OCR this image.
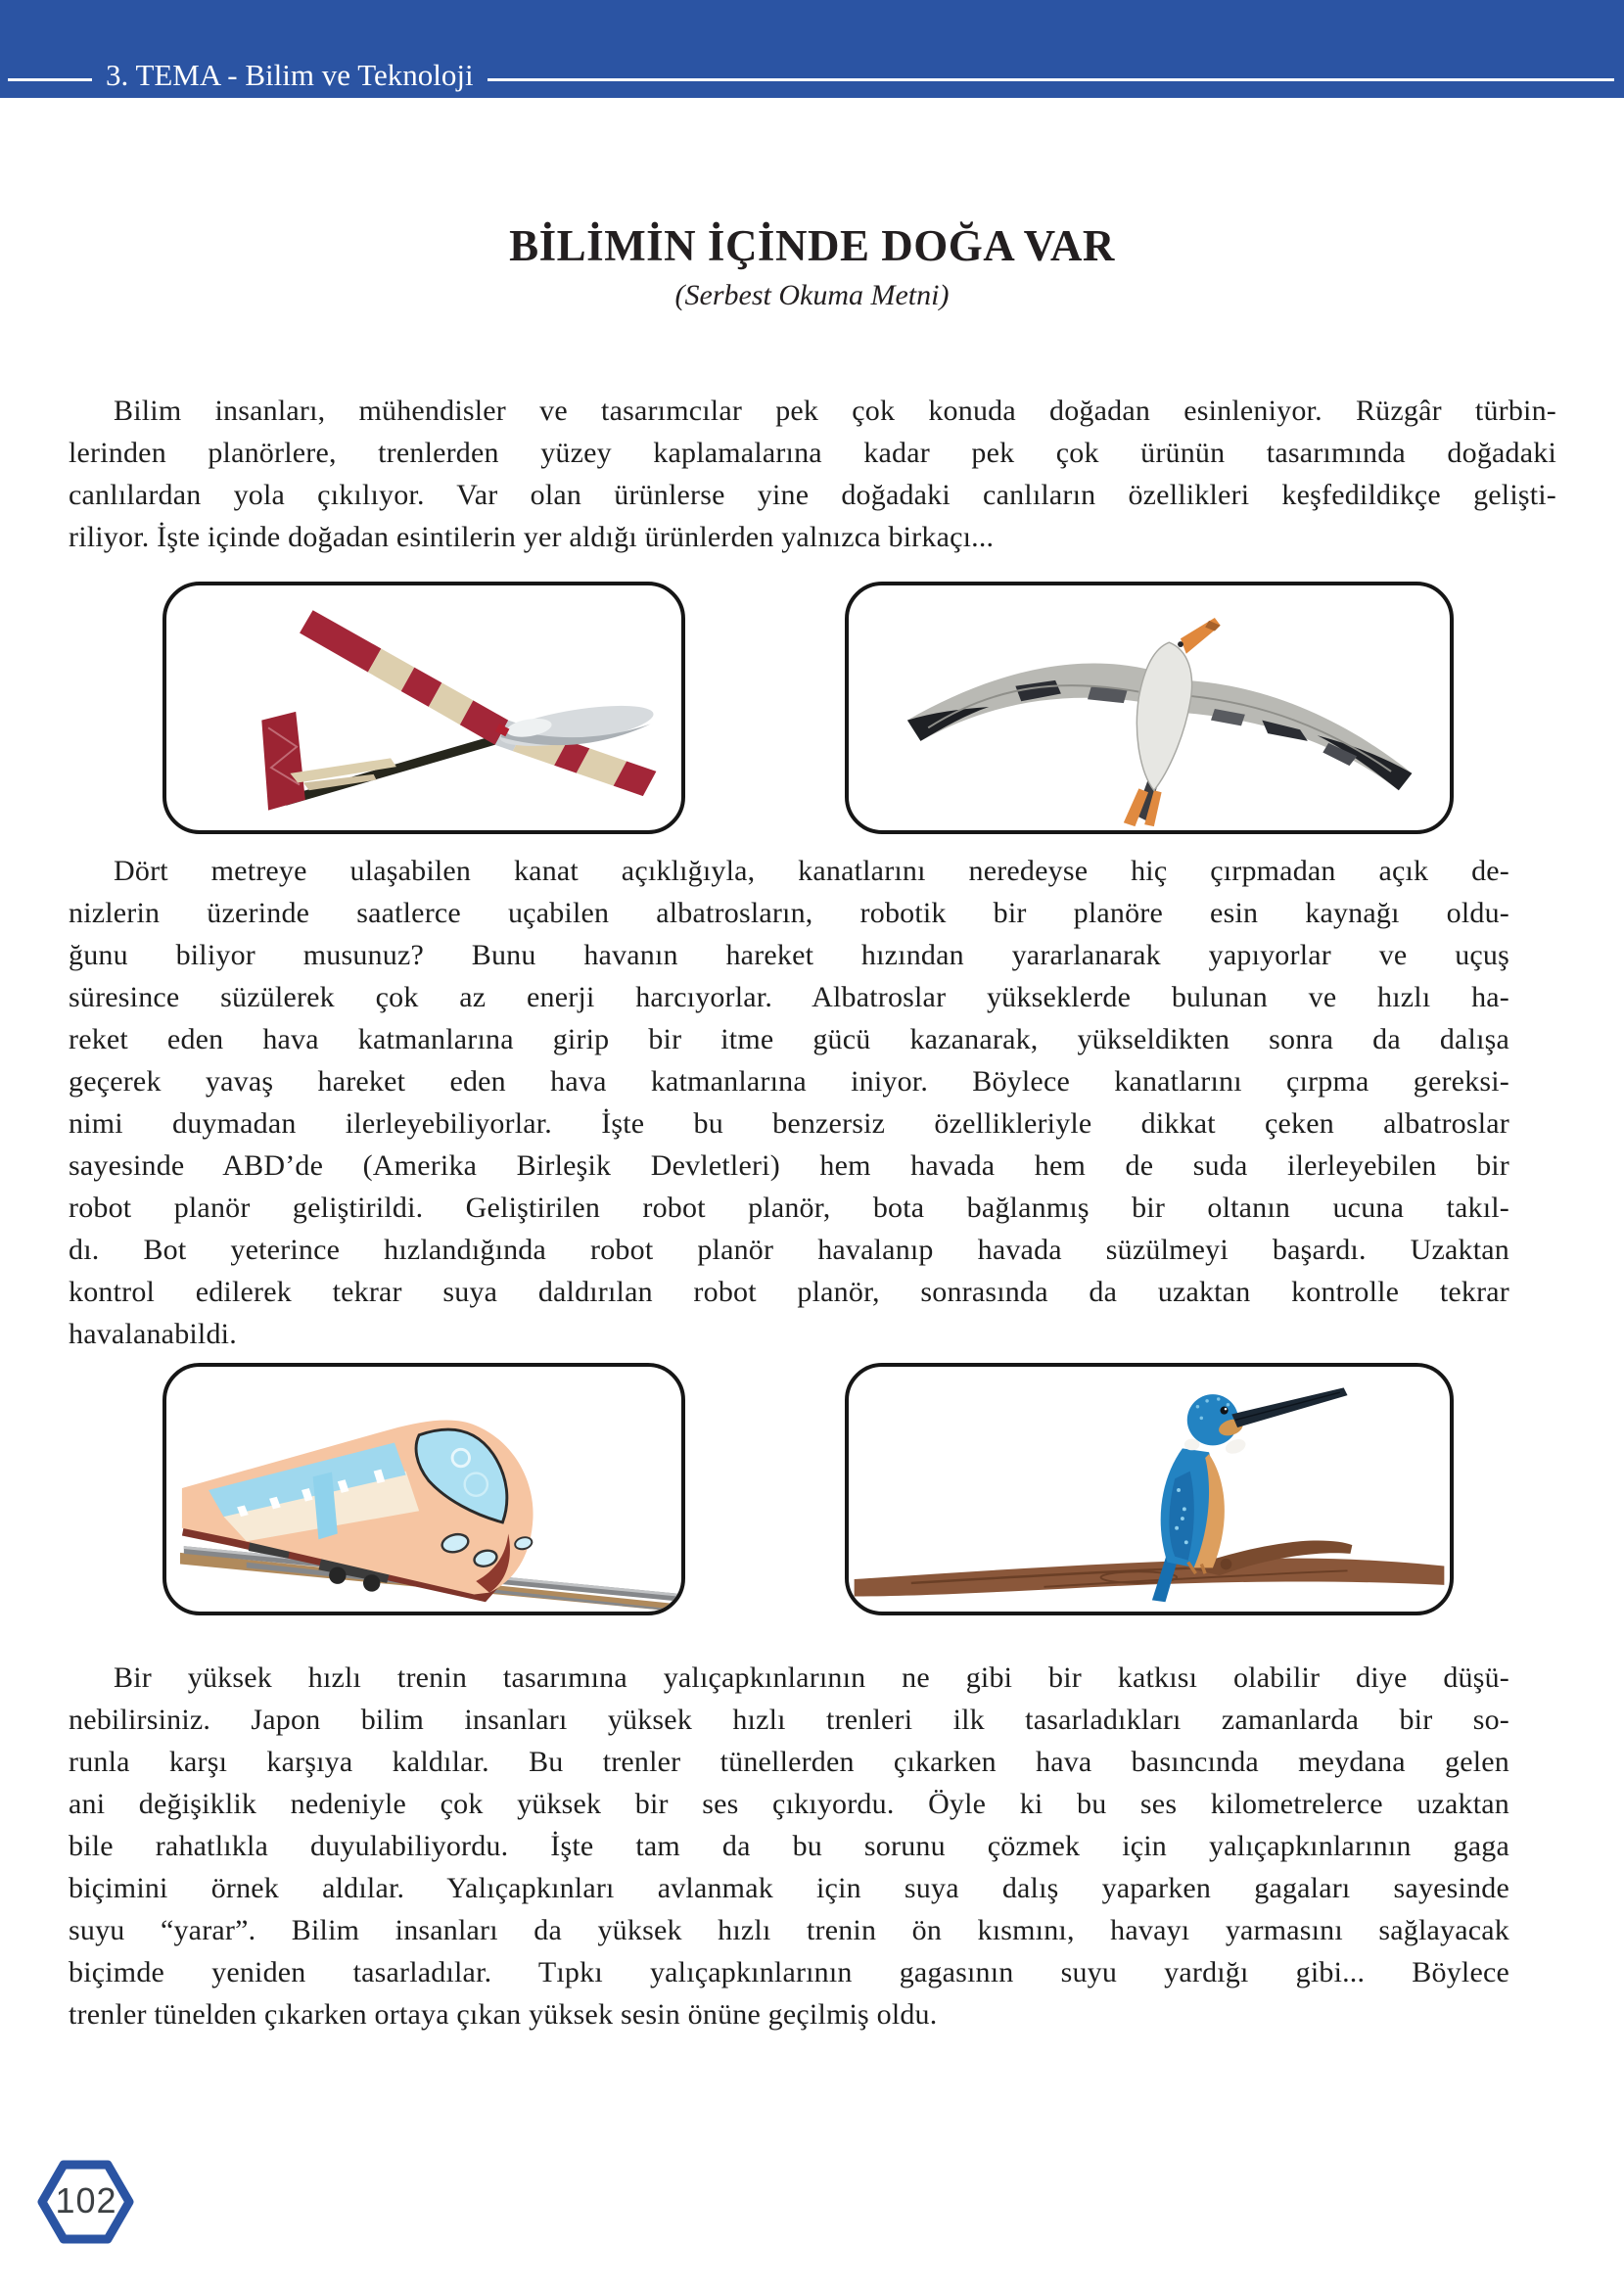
3. TEMA - Bilim ve Teknoloji
BİLİMİN İÇİNDE DOĞA VAR
(Serbest Okuma Metni)
Bilim insanları, mühendisler ve tasarımcılar pek çok konuda doğadan esinleniyor. Rüzgâr türbin-
lerinden planörlere, trenlerden yüzey kaplamalarına kadar pek çok ürünün tasarımında doğadaki
canlılardan yola çıkılıyor. Var olan ürünlerse yine doğadaki canlıların özellikleri keşfedildikçe gelişti-
riliyor. İşte içinde doğadan esintilerin yer aldığı ürünlerden yalnızca birkaçı...
Dört metreye ulaşabilen kanat açıklığıyla, kanatlarını neredeyse hiç çırpmadan açık de-
nizlerin üzerinde saatlerce uçabilen albatrosların, robotik bir planöre esin kaynağı oldu-
ğunu biliyor musunuz? Bunu havanın hareket hızından yararlanarak yapıyorlar ve uçuş
süresince süzülerek çok az enerji harcıyorlar. Albatroslar yükseklerde bulunan ve hızlı ha-
reket eden hava katmanlarına girip bir itme gücü kazanarak, yükseldikten sonra da dalışa
geçerek yavaş hareket eden hava katmanlarına iniyor. Böylece kanatlarını çırpma gereksi-
nimi duymadan ilerleyebiliyorlar. İşte bu benzersiz özellikleriyle dikkat çeken albatroslar
sayesinde ABD’de (Amerika Birleşik Devletleri) hem havada hem de suda ilerleyebilen bir
robot planör geliştirildi. Geliştirilen robot planör, bota bağlanmış bir oltanın ucuna takıl-
dı. Bot yeterince hızlandığında robot planör havalanıp havada süzülmeyi başardı. Uzaktan
kontrol edilerek tekrar suya daldırılan robot planör, sonrasında da uzaktan kontrolle tekrar
havalanabildi.
Bir yüksek hızlı trenin tasarımına yalıçapkınlarının ne gibi bir katkısı olabilir diye düşü-
nebilirsiniz. Japon bilim insanları yüksek hızlı trenleri ilk tasarladıkları zamanlarda bir so-
runla karşı karşıya kaldılar. Bu trenler tünellerden çıkarken hava basıncında meydana gelen
ani değişiklik nedeniyle çok yüksek bir ses çıkıyordu. Öyle ki bu ses kilometrelerce uzaktan
bile rahatlıkla duyulabiliyordu. İşte tam da bu sorunu çözmek için yalıçapkınlarının gaga
biçimini örnek aldılar. Yalıçapkınları avlanmak için suya dalış yaparken gagaları sayesinde
suyu “yarar”. Bilim insanları da yüksek hızlı trenin ön kısmını, havayı yarmasını sağlayacak
biçimde yeniden tasarladılar. Tıpkı yalıçapkınlarının gagasının suyu yardığı gibi... Böylece
trenler tünelden çıkarken ortaya çıkan yüksek sesin önüne geçilmiş oldu.
102
